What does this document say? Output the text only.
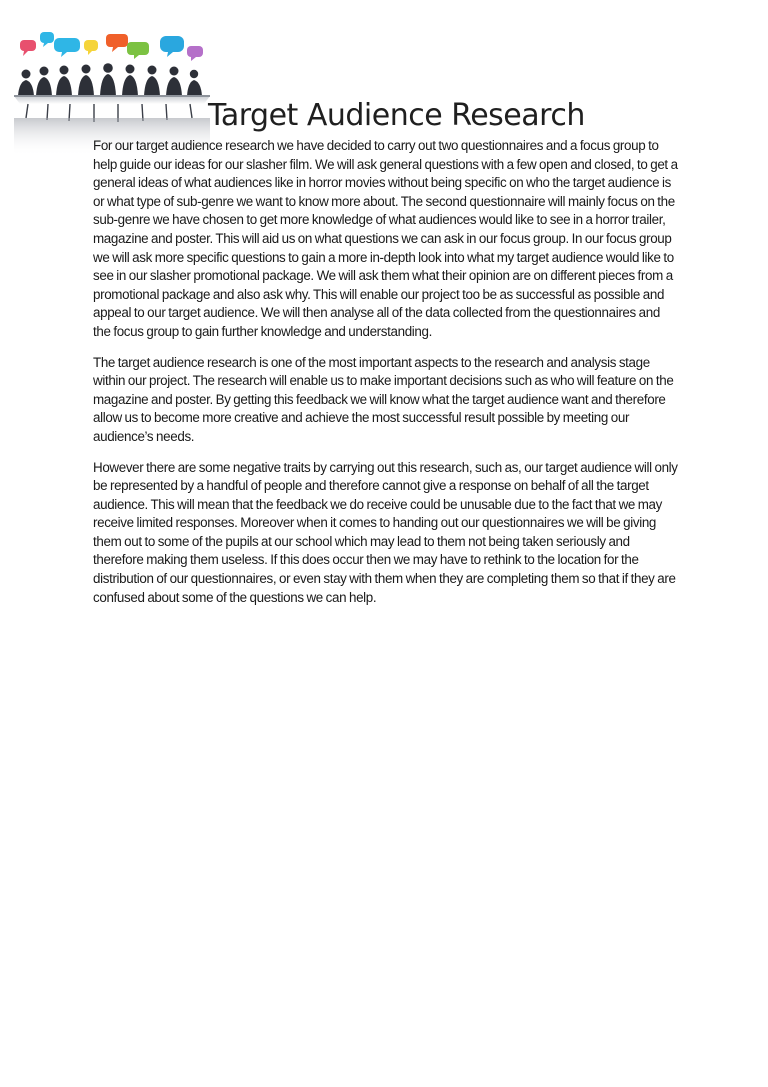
Target Audience Research

For our target audience research we have decided to carry out two questionnaires and a focus group to help guide our ideas for our slasher film. We will ask general questions with a few open and closed, to get a general ideas of what audiences like in horror movies without being specific on who the target audience is or what type of sub-genre we want to know more about. The second questionnaire will mainly focus on the sub-genre we have chosen to get more knowledge of what audiences would like to see in a horror trailer, magazine and poster. This will aid us on what questions we can ask in our focus group. In our focus group we will ask more specific questions to gain a more in-depth look into what my target audience would like to see in our slasher promotional package. We will ask them what their opinion are on different pieces from a promotional package and also ask why. This will enable our project too be as successful as possible and appeal to our target audience. We will then analyse all of the data collected from the questionnaires and the focus group to gain further knowledge and understanding.

The target audience research is one of the most important aspects to the research and analysis stage within our project. The research will enable us to make important decisions such as who will feature on the magazine and poster. By getting this feedback we will know what the target audience want and therefore allow us to become more creative and achieve the most successful result possible by meeting our audience’s needs.

However there are some negative traits by carrying out this research, such as, our target audience will only be represented by a handful of people and therefore cannot give a response on behalf of all the target audience. This will mean that the feedback we do receive could be unusable due to the fact that we may receive limited responses. Moreover when it comes to handing out our questionnaires we will be giving them out to some of the pupils at our school which may lead to them not being taken seriously and therefore making them useless. If this does occur then we may have to rethink to the location for the distribution of our questionnaires, or even stay with them when they are completing them so that if they are confused about some of the questions we can help.
